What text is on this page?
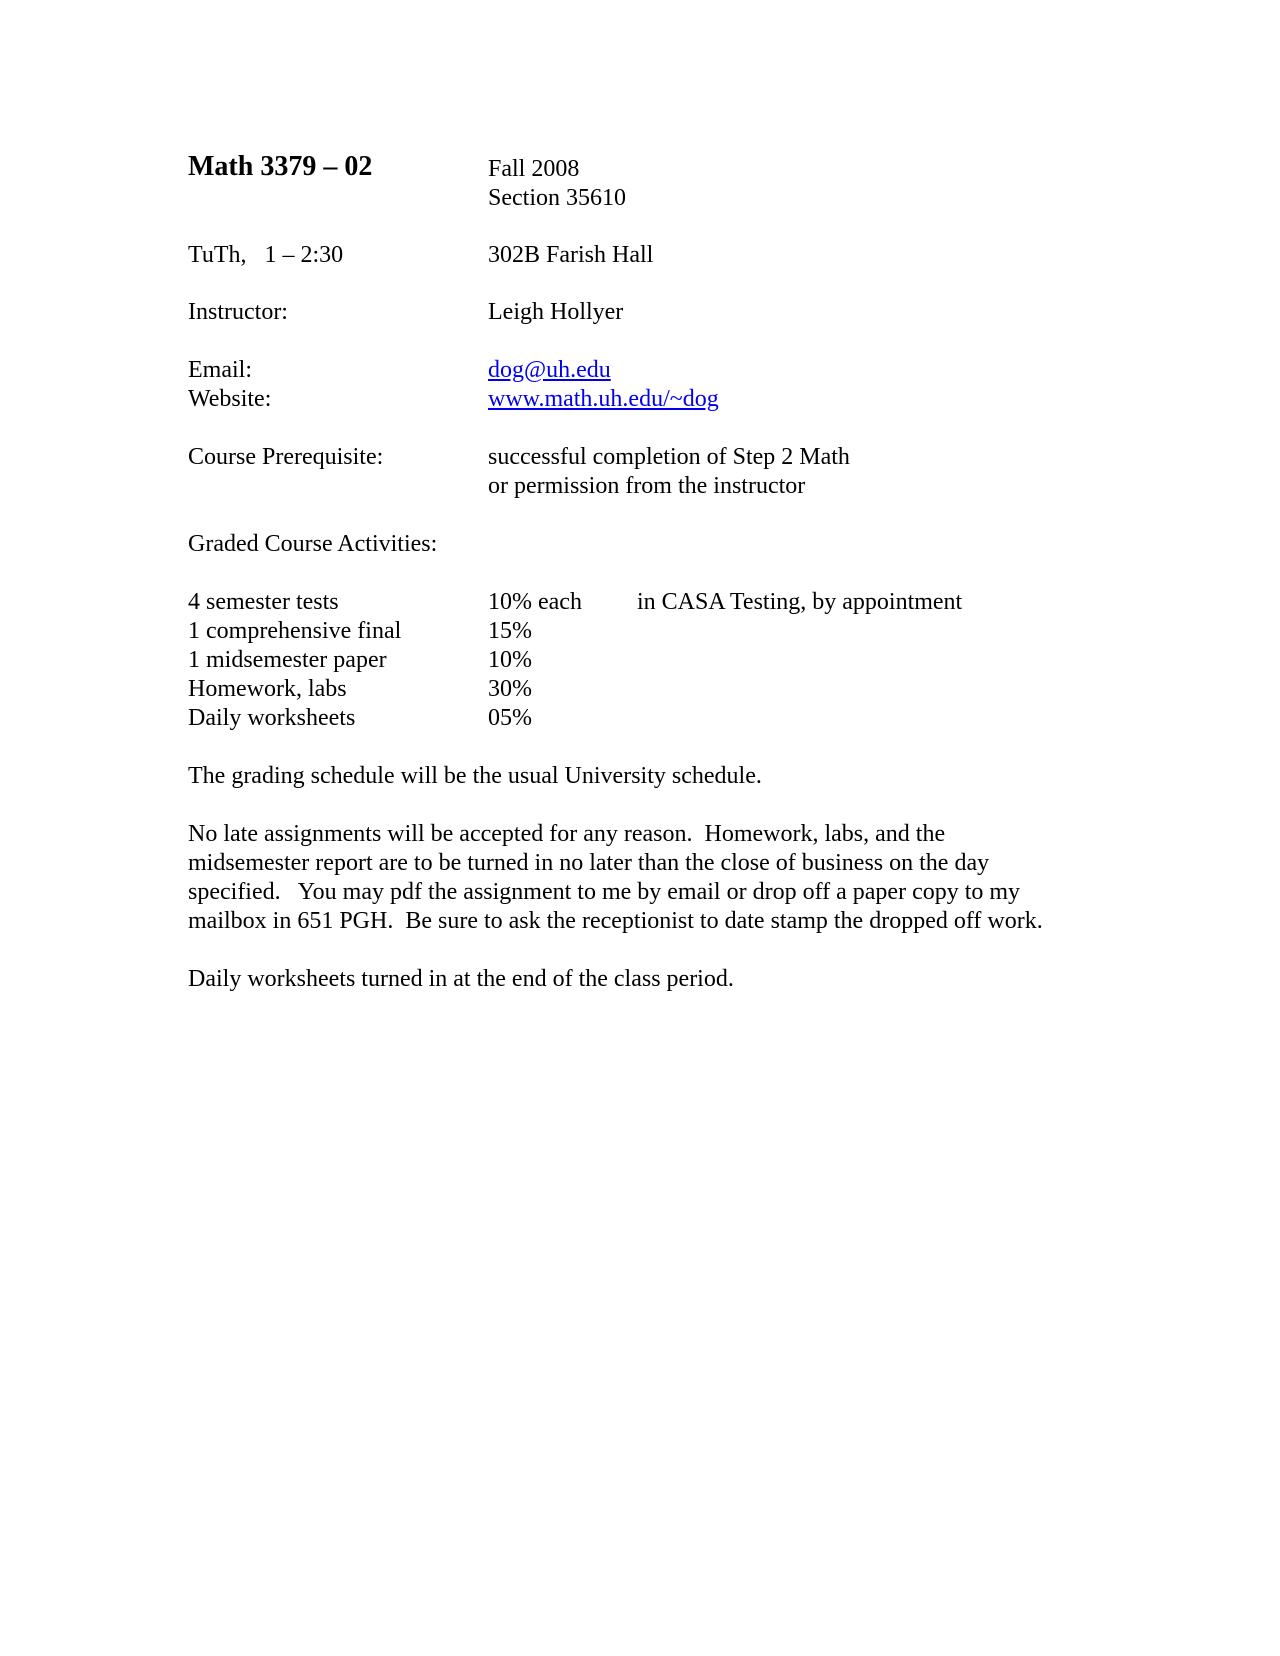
Math 3379 – 02	Fall 2008
Section 35610
TuTh,   1 – 2:30	302B Farish Hall
Instructor:	Leigh Hollyer
Email:	dog@uh.edu
Website:	www.math.uh.edu/~dog
Course Prerequisite:	successful completion of Step 2 Math
or permission from the instructor
Graded Course Activities:
4 semester tests	10% each in CASA Testing, by appointment
1 comprehensive final	15%
1 midsemester paper	10%
Homework, labs	30%
Daily worksheets	05%
The grading schedule will be the usual University schedule.
No late assignments will be accepted for any reason.  Homework, labs, and the
midsemester report are to be turned in no later than the close of business on the day
specified.   You may pdf the assignment to me by email or drop off a paper copy to my
mailbox in 651 PGH.  Be sure to ask the receptionist to date stamp the dropped off work.
Daily worksheets turned in at the end of the class period.
